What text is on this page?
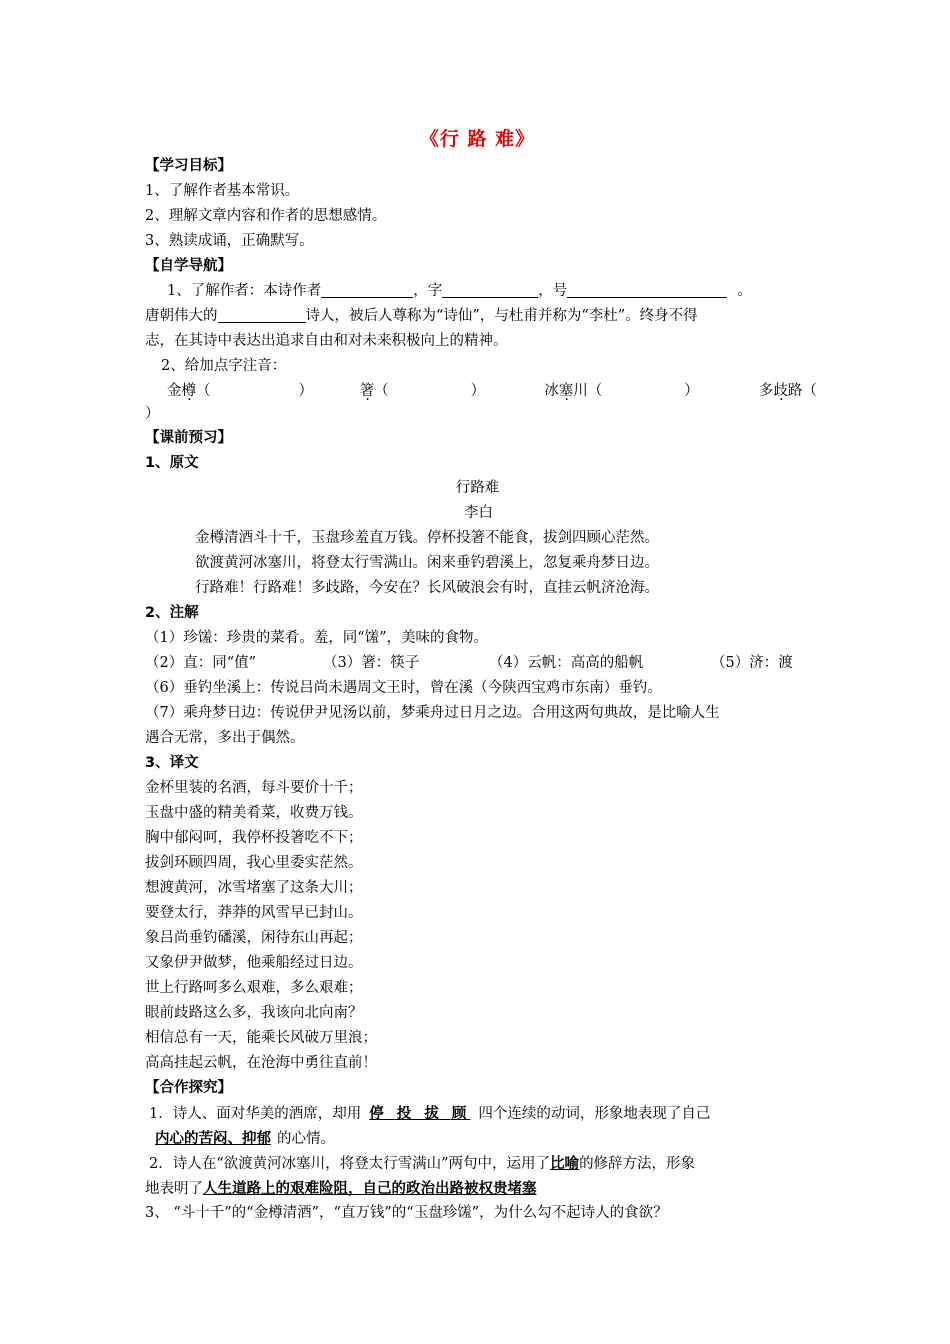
《行 路 难》
【学习目标】
1、了解作者基本常识。
2、理解文章内容和作者的思想感情。
3、熟读成诵，正确默写。
【自学导航】
1、了解作者：本诗作者	，字	，号	。
唐朝伟大的	诗人，被后人尊称为“诗仙”，与杜甫并称为“李杜”。终身不得
志，在其诗中表达出追求自由和对未来积极向上的精神。
2、给加点字注音：
金樽（	）	箸（	）	冰塞川（	）	多歧路（
）
【课前预习】
1、原文
行路难
李白
金樽清酒斗十千，玉盘珍羞直万钱。停杯投箸不能食，拔剑四顾心茫然。
欲渡黄河冰塞川，将登太行雪满山。闲来垂钓碧溪上，忽复乘舟梦日边。
行路难！行路难！多歧路，今安在？长风破浪会有时，直挂云帆济沧海。
2、注解
（1）珍馐：珍贵的菜肴。羞，同“馐”，美味的食物。
（2）直：同“值”	（3）箸：筷子	（4）云帆：高高的船帆	（5）济：渡
（6）垂钓坐溪上：传说吕尚未遇周文王时，曾在溪（今陕西宝鸡市东南）垂钓。
（7）乘舟梦日边：传说伊尹见汤以前，梦乘舟过日月之边。合用这两句典故，是比喻人生
遇合无常，多出于偶然。
3、译文
金杯里装的名酒，每斗要价十千；
玉盘中盛的精美肴菜，收费万钱。
胸中郁闷呵，我停杯投箸吃不下；
拔剑环顾四周，我心里委实茫然。
想渡黄河，冰雪堵塞了这条大川；
要登太行，莽莽的风雪早已封山。
象吕尚垂钓磻溪，闲待东山再起；
又象伊尹做梦，他乘船经过日边。
世上行路呵多么艰难，多么艰难；
眼前歧路这么多，我该向北向南？
相信总有一天，能乘长风破万里浪；
高高挂起云帆，在沧海中勇往直前！
【合作探究】
1．诗人、面对华美的酒席，却用 停 投 拔 顾 四个连续的动词，形象地表现了自己
内心的苦闷、抑郁 的心情。
2．诗人在“欲渡黄河冰塞川，将登太行雪满山”两句中，运用了比喻的修辞方法，形象
地表明了人生道路上的艰难险阻，自己的政治出路被权贵堵塞
3、 “斗十千”的“金樽清酒”，“直万钱”的“玉盘珍馐”，为什么勾不起诗人的食欲？
